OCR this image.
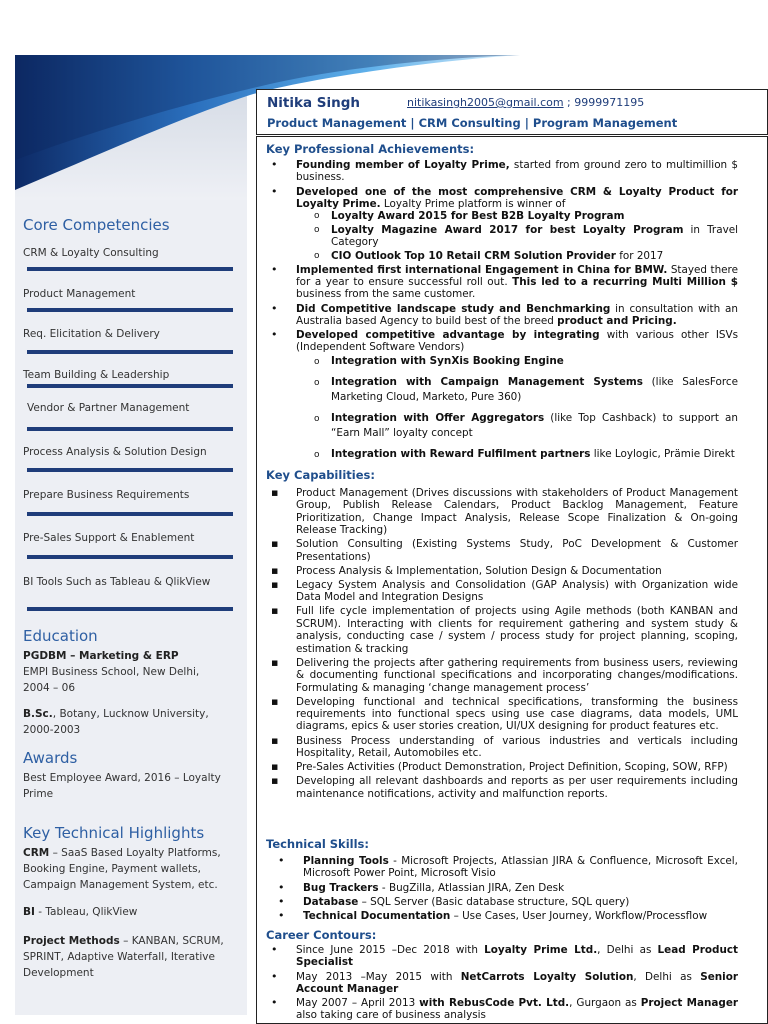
Nitika Singh	nitikasingh2005@gmail.com ; 9999971195
Product Management | CRM Consulting | Program Management
Core Competencies
CRM & Loyalty Consulting
Product Management
Req. Elicitation & Delivery
Team Building & Leadership
Vendor & Partner Management
Process Analysis & Solution Design
Prepare Business Requirements
Pre-Sales Support & Enablement
BI Tools Such as Tableau & QlikView
Education
PGDBM – Marketing & ERP
EMPI Business School, New Delhi, 2004 – 06
B.Sc., Botany, Lucknow University, 2000-2003
Awards
Best Employee Award, 2016 – Loyalty Prime
Key Technical Highlights
CRM – SaaS Based Loyalty Platforms, Booking Engine, Payment wallets, Campaign Management System, etc.
BI - Tableau, QlikView
Project Methods – KANBAN, SCRUM, SPRINT, Adaptive Waterfall, Iterative Development
Key Professional Achievements:
• Founding member of Loyalty Prime, started from ground zero to multimillion $ business.
• Developed one of the most comprehensive CRM & Loyalty Product for Loyalty Prime. Loyalty Prime platform is winner of
o Loyalty Award 2015 for Best B2B Loyalty Program
o Loyalty Magazine Award 2017 for best Loyalty Program in Travel Category
o CIO Outlook Top 10 Retail CRM Solution Provider for 2017
• Implemented first international Engagement in China for BMW. Stayed there for a year to ensure successful roll out. This led to a recurring Multi Million $ business from the same customer.
• Did Competitive landscape study and Benchmarking in consultation with an Australia based Agency to build best of the breed product and Pricing.
• Developed competitive advantage by integrating with various other ISVs (Independent Software Vendors)
o Integration with SynXis Booking Engine
o Integration with Campaign Management Systems (like SalesForce Marketing Cloud, Marketo, Pure 360)
o Integration with Offer Aggregators (like Top Cashback) to support an “Earn Mall” loyalty concept
o Integration with Reward Fulfilment partners like Loylogic, Prämie Direkt
Key Capabilities:
▪ Product Management (Drives discussions with stakeholders of Product Management Group, Publish Release Calendars, Product Backlog Management, Feature Prioritization, Change Impact Analysis, Release Scope Finalization & On-going Release Tracking)
▪ Solution Consulting (Existing Systems Study, PoC Development & Customer Presentations)
▪ Process Analysis & Implementation, Solution Design & Documentation
▪ Legacy System Analysis and Consolidation (GAP Analysis) with Organization wide Data Model and Integration Designs
▪ Full life cycle implementation of projects using Agile methods (both KANBAN and SCRUM). Interacting with clients for requirement gathering and system study & analysis, conducting case / system / process study for project planning, scoping, estimation & tracking
▪ Delivering the projects after gathering requirements from business users, reviewing & documenting functional specifications and incorporating changes/modifications. Formulating & managing ‘change management process’
▪ Developing functional and technical specifications, transforming the business requirements into functional specs using use case diagrams, data models, UML diagrams, epics & user stories creation, UI/UX designing for product features etc.
▪ Business Process understanding of various industries and verticals including Hospitality, Retail, Automobiles etc.
▪ Pre-Sales Activities (Product Demonstration, Project Definition, Scoping, SOW, RFP)
▪ Developing all relevant dashboards and reports as per user requirements including maintenance notifications, activity and malfunction reports.
Technical Skills:
• Planning Tools - Microsoft Projects, Atlassian JIRA & Confluence, Microsoft Excel, Microsoft Power Point, Microsoft Visio
• Bug Trackers - BugZilla, Atlassian JIRA, Zen Desk
• Database – SQL Server (Basic database structure, SQL query)
• Technical Documentation – Use Cases, User Journey, Workflow/Processflow
Career Contours:
• Since June 2015 –Dec 2018 with Loyalty Prime Ltd., Delhi as Lead Product Specialist
• May 2013 –May 2015 with NetCarrots Loyalty Solution, Delhi as Senior Account Manager
• May 2007 – April 2013 with RebusCode Pvt. Ltd., Gurgaon as Project Manager also taking care of business analysis
